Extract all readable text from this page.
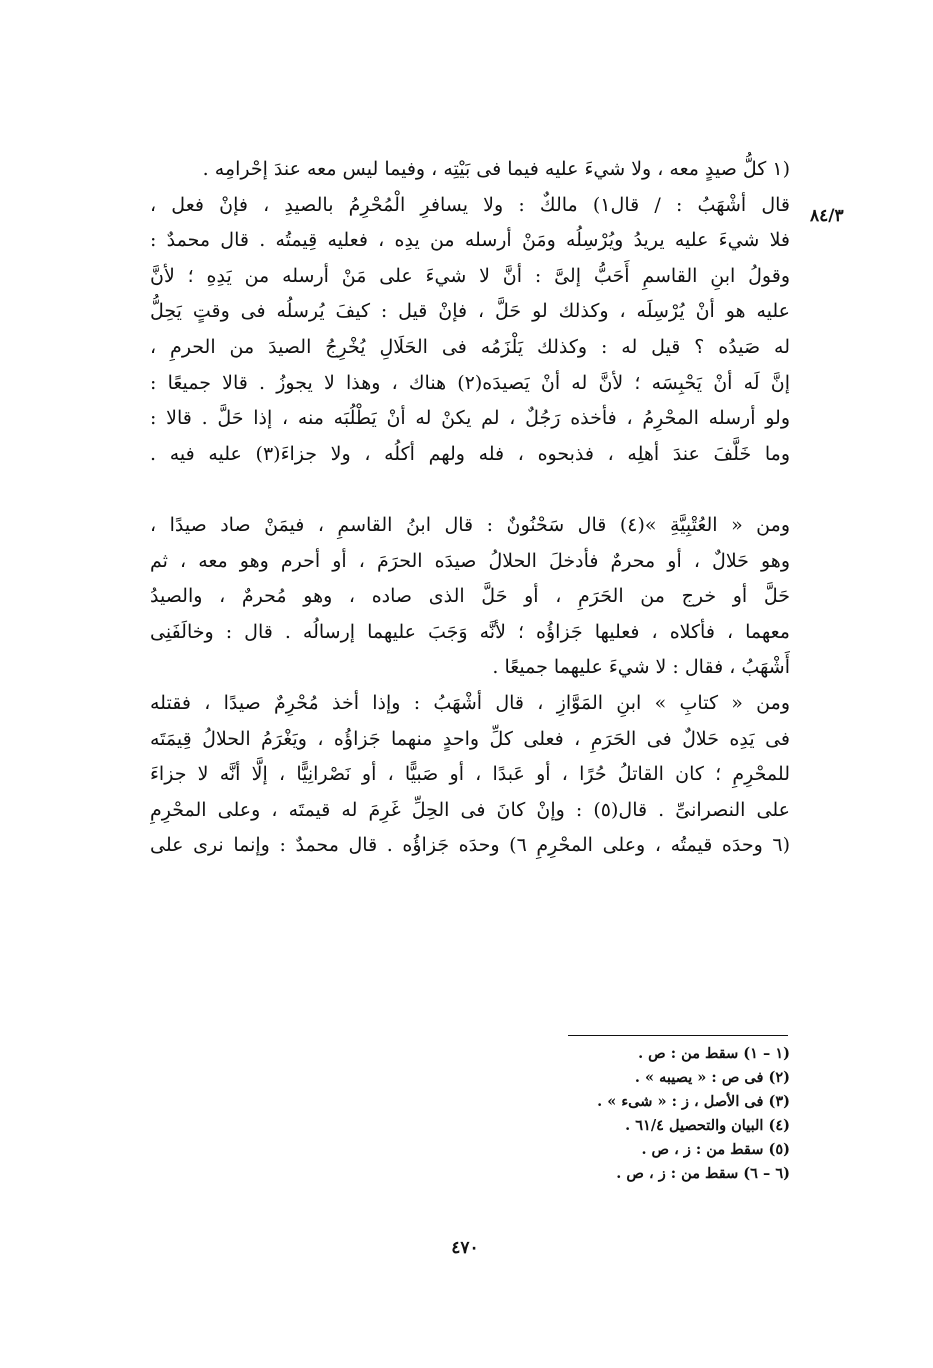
(١ كلُّ صيدٍ معه ، ولا شيءَ عليه فيما فى بَيْتِه ، وفيما ليس معه عندَ إحْرامِه .
قال أشْهَبُ : / قال١) مالكٌ : ولا يسافرِ الْمُحْرِمُ بالصيدِ ، فإنْ فعل ،
فلا شيءَ عليه يريدُ ويُرْسِلُه ومَنْ أرسله من يدِه ، فعليه قِيمتُه . قال محمدٌ :
وقولُ ابنِ القاسمِ أَحَبُّ إلىَّ : أنَّ لا شيءَ على مَنْ أرسله من يَدِهِ ؛ لأنَّ
عليه هو أنْ يُرْسِلَه ، وكذلك لو حَلَّ ، فإنْ قيل : كيفَ يُرسلُه فى وقتٍ يَحِلُّ
له صَيدُه ؟ قيل له : وكذلك يَلْزَمُه فى الحَلَالِ يُخْرِجُ الصيدَ من الحرمِ ،
إنَّ لَه أنْ يَحْبِسَه ؛ لأنَّ له أنْ يَصيدَه(٢) هناك ، وهذا لا يجوزُ . قالا جميعًا :
ولو أرسله المحْرِمُ ، فأخذه رَجُلٌ ، لم يكنْ له أنْ يَطْلُبَه منه ، إذا حَلَّ . قالا :
وما خَلَّفَ عندَ أهلِه ، فذبحوه ، فله ولهم أكلُه ، ولا جزاءَ(٣) عليه فيه .
ومن « العُتْبِيَّةِ »(٤) قال سَحْنُونٌ : قال ابنُ القاسمِ ، فيمَنْ صاد صيدًا ،
وهو حَلالٌ ، أو محرمٌ فأدخلَ الحلالُ صيدَه الحرَمَ ، أو أحرم وهو معه ، ثم
حَلَّ أو خرج من الحَرَمِ ، أو حَلَّ الذى صاده ، وهو مُحرمٌ ، والصيدُ
معهما ، فأكلاه ، فعليها جَزاؤُه ؛ لأنَّه وَجَبَ عليهما إرسالُه . قال : وخالَفَنِى
أَشْهَبُ ، فقال : لا شيءَ عليهما جميعًا .
ومن « كتابِ » ابنِ المَوَّازِ ، قال أشْهَبُ : وإذا أخذ مُحْرِمٌ صيدًا ، فقتله
فى يَدِه حَلالٌ فى الحَرَمِ ، فعلى كلِّ واحدٍ منهما جَزاؤُه ، ويَغْرَمُ الحلالُ قِيمَتَه
للمحْرِمِ ؛ كان القاتلُ حُرًا ، أو عَبدًا ، أو صَبيًّا ، أو نَصْرانِيًّا ، إلَّا أنَّه لا جزاءَ
على النصرانىِّ . قال(٥) : وإنْ كانَ فى الحِلِّ غَرِمَ له قيمتَه ، وعلى المحْرِمِ
(٦ وحدَه قيمتُه ، وعلى المحْرِمِ ٦) وحدَه جَزاؤُه . قال محمدٌ : وإنما نرى على
٨٤/٣
(١ – ١) سقط من : ص .
(٢) فى ص : « يصيبه » .
(٣) فى الأصل ، ز : « شىء » .
(٤) البيان والتحصيل ٦١/٤ .
(٥) سقط من : ز ، ص .
(٦ – ٦) سقط من : ز ، ص .
٤٧٠
